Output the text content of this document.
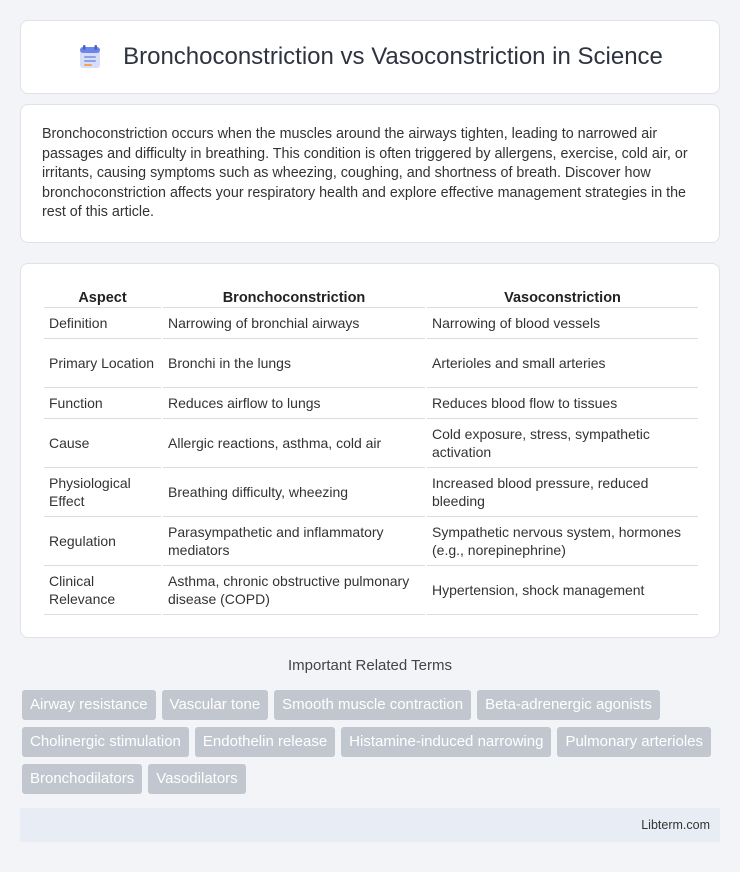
Bronchoconstriction vs Vasoconstriction in Science

Bronchoconstriction occurs when the muscles around the airways tighten, leading to narrowed air passages and difficulty in breathing. This condition is often triggered by allergens, exercise, cold air, or irritants, causing symptoms such as wheezing, coughing, and shortness of breath. Discover how bronchoconstriction affects your respiratory health and explore effective management strategies in the rest of this article.

Aspect	Bronchoconstriction	Vasoconstriction
Definition	Narrowing of bronchial airways	Narrowing of blood vessels
Primary Location	Bronchi in the lungs	Arterioles and small arteries
Function	Reduces airflow to lungs	Reduces blood flow to tissues
Cause	Allergic reactions, asthma, cold air	Cold exposure, stress, sympathetic activation
Physiological Effect	Breathing difficulty, wheezing	Increased blood pressure, reduced bleeding
Regulation	Parasympathetic and inflammatory mediators	Sympathetic nervous system, hormones (e.g., norepinephrine)
Clinical Relevance	Asthma, chronic obstructive pulmonary disease (COPD)	Hypertension, shock management
Important Related Terms
Airway resistance	Vascular tone	Smooth muscle contraction	Beta-adrenergic agonists
Cholinergic stimulation	Endothelin release	Histamine-induced narrowing	Pulmonary arterioles
Bronchodilators	Vasodilators
Libterm.com
